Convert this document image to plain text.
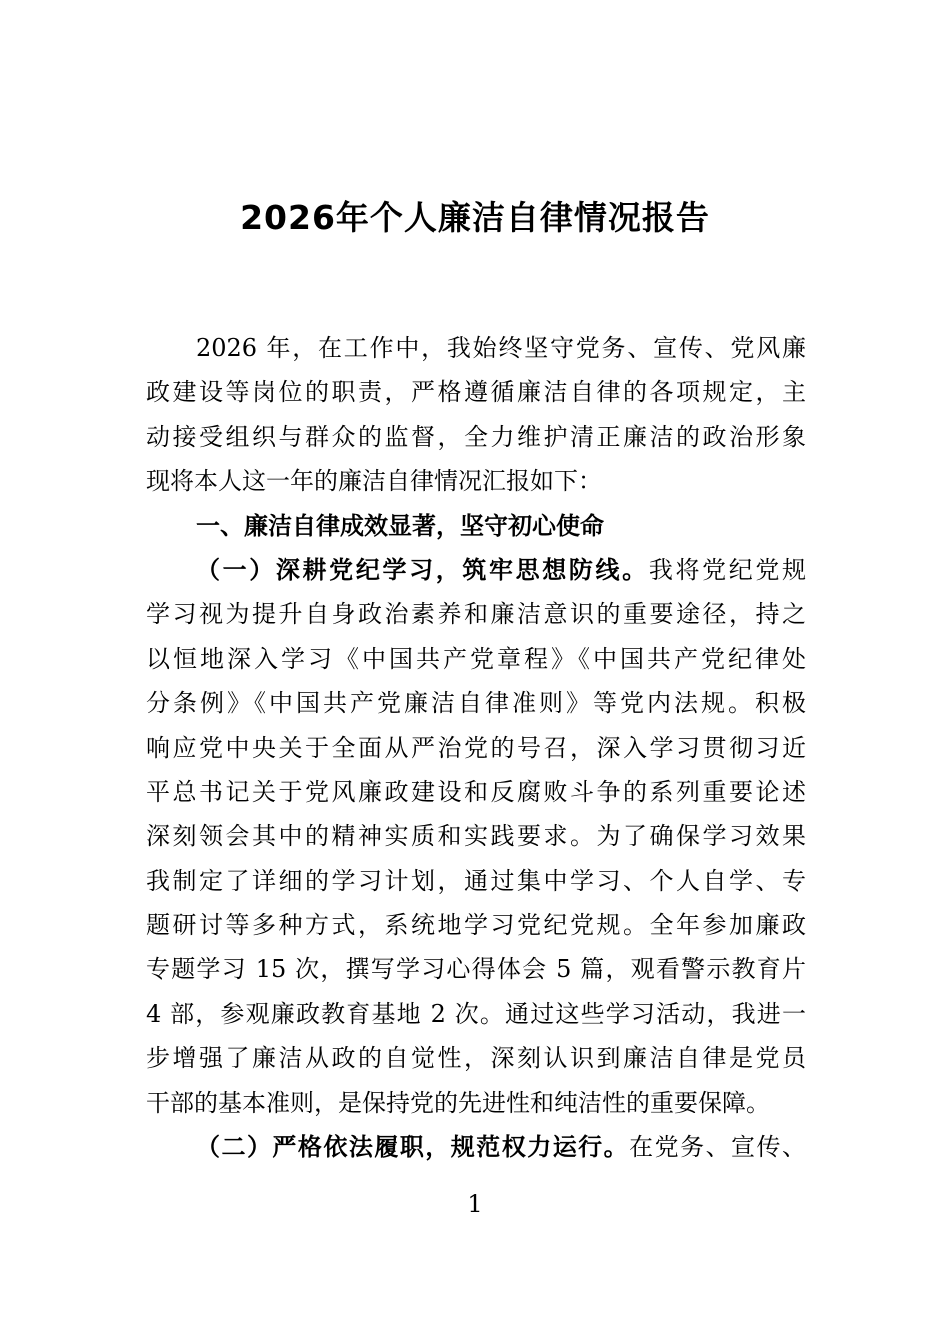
2026年个人廉洁自律情况报告
2026 年，在工作中，我始终坚守党务、宣传、党风廉
政建设等岗位的职责，严格遵循廉洁自律的各项规定，主
动接受组织与群众的监督，全力维护清正廉洁的政治形象
现将本人这一年的廉洁自律情况汇报如下：
一、廉洁自律成效显著，坚守初心使命
（一）深耕党纪学习，筑牢思想防线。我将党纪党规
学习视为提升自身政治素养和廉洁意识的重要途径，持之
以恒地深入学习《中国共产党章程》《中国共产党纪律处
分条例》《中国共产党廉洁自律准则》等党内法规。积极
响应党中央关于全面从严治党的号召，深入学习贯彻习近
平总书记关于党风廉政建设和反腐败斗争的系列重要论述
深刻领会其中的精神实质和实践要求。为了确保学习效果
我制定了详细的学习计划，通过集中学习、个人自学、专
题研讨等多种方式，系统地学习党纪党规。全年参加廉政
专题学习 15 次，撰写学习心得体会 5 篇，观看警示教育片
4 部，参观廉政教育基地 2 次。通过这些学习活动，我进一
步增强了廉洁从政的自觉性，深刻认识到廉洁自律是党员
干部的基本准则，是保持党的先进性和纯洁性的重要保障。
（二）严格依法履职，规范权力运行。在党务、宣传、
1
